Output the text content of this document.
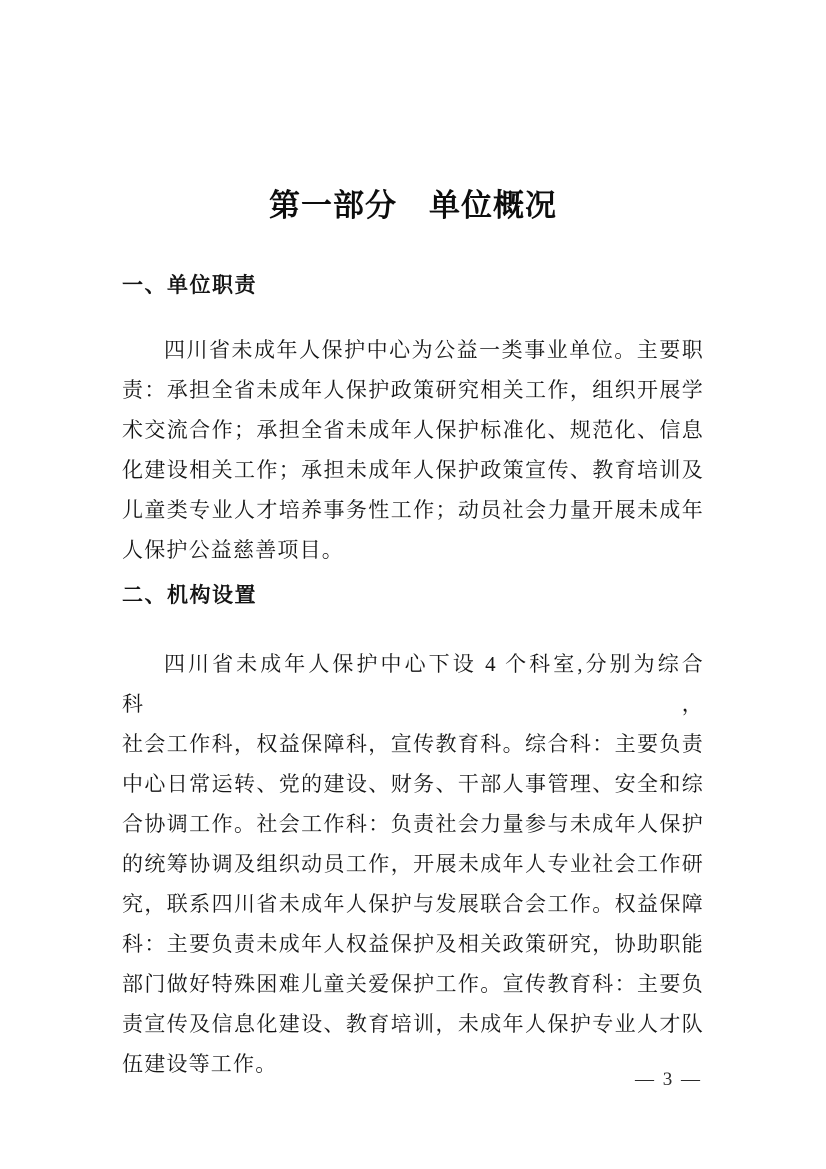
第一部分　单位概况
一、单位职责
四川省未成年人保护中心为公益一类事业单位。主要职
责：承担全省未成年人保护政策研究相关工作，组织开展学
术交流合作；承担全省未成年人保护标准化、规范化、信息
化建设相关工作；承担未成年人保护政策宣传、教育培训及
儿童类专业人才培养事务性工作；动员社会力量开展未成年
人保护公益慈善项目。
二、机构设置
四川省未成年人保护中心下设 4 个科室,分别为综合科，
社会工作科，权益保障科，宣传教育科。综合科：主要负责
中心日常运转、党的建设、财务、干部人事管理、安全和综
合协调工作。社会工作科：负责社会力量参与未成年人保护
的统筹协调及组织动员工作，开展未成年人专业社会工作研
究，联系四川省未成年人保护与发展联合会工作。权益保障
科：主要负责未成年人权益保护及相关政策研究，协助职能
部门做好特殊困难儿童关爱保护工作。宣传教育科：主要负
责宣传及信息化建设、教育培训，未成年人保护专业人才队
伍建设等工作。
— 3 —
